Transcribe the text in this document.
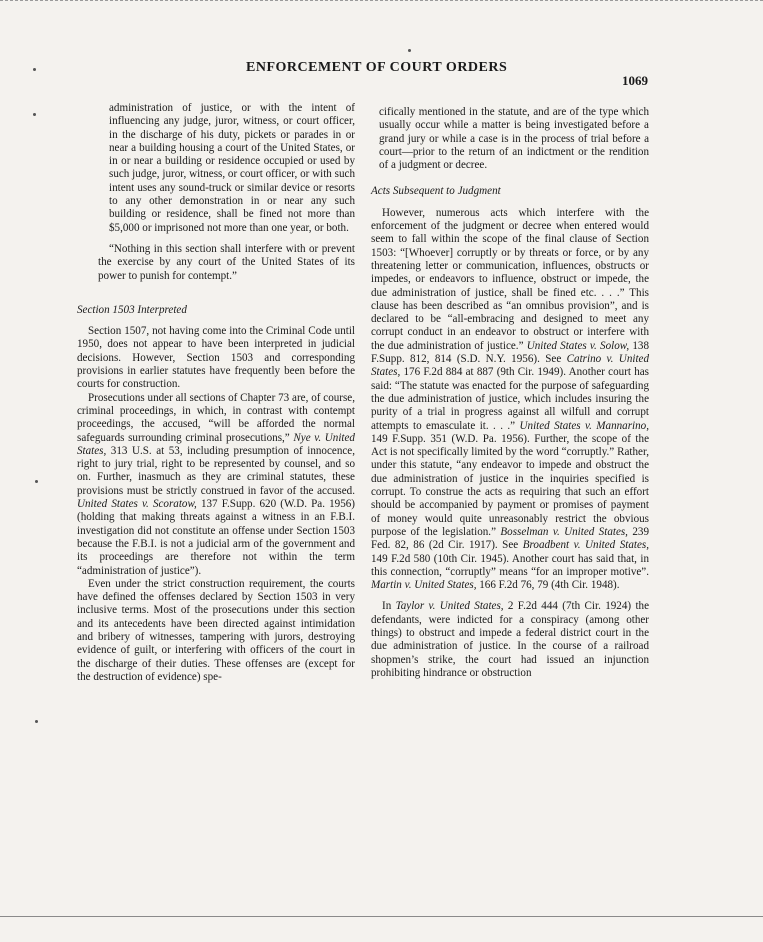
ENFORCEMENT OF COURT ORDERS
1069

administration of justice, or with the intent of influencing any judge, juror, witness, or court officer, in the discharge of his duty, pickets or parades in or near a building housing a court of the United States, or in or near a building or residence occupied or used by such judge, juror, witness, or court officer, or with such intent uses any sound-truck or similar device or resorts to any other demonstration in or near any such building or residence, shall be fined not more than $5,000 or imprisoned not more than one year, or both.

“Nothing in this section shall interfere with or prevent the exercise by any court of the United States of its power to punish for contempt.”

Section 1503 Interpreted

Section 1507, not having come into the Criminal Code until 1950, does not appear to have been interpreted in judicial decisions. However, Section 1503 and corresponding provisions in earlier statutes have frequently been before the courts for construction.

Prosecutions under all sections of Chapter 73 are, of course, criminal proceedings, in which, in contrast with contempt proceedings, the accused, “will be afforded the normal safeguards surrounding criminal prosecutions,” Nye v. United States, 313 U.S. at 53, including presumption of innocence, right to jury trial, right to be represented by counsel, and so on. Further, inasmuch as they are criminal statutes, these provisions must be strictly construed in favor of the accused. United States v. Scoratow, 137 F.Supp. 620 (W.D. Pa. 1956) (holding that making threats against a witness in an F.B.I. investigation did not constitute an offense under Section 1503 because the F.B.I. is not a judicial arm of the government and its proceedings are therefore not within the term “administration of justice”).

Even under the strict construction requirement, the courts have defined the offenses declared by Section 1503 in very inclusive terms. Most of the prosecutions under this section and its antecedents have been directed against intimidation and bribery of witnesses, tampering with jurors, destroying evidence of guilt, or interfering with officers of the court in the discharge of their duties. These offenses are (except for the destruction of evidence) spe-

cifically mentioned in the statute, and are of the type which usually occur while a matter is being investigated before a grand jury or while a case is in the process of trial before a court—prior to the return of an indictment or the rendition of a judgment or decree.

Acts Subsequent to Judgment

However, numerous acts which interfere with the enforcement of the judgment or decree when entered would seem to fall within the scope of the final clause of Section 1503: “[Whoever] corruptly or by threats or force, or by any threatening letter or communication, influences, obstructs or impedes, or endeavors to influence, obstruct or impede, the due administration of justice, shall be fined etc. . . .” This clause has been described as “an omnibus provision”, and is declared to be “all-embracing and designed to meet any corrupt conduct in an endeavor to obstruct or interfere with the due administration of justice.” United States v. Solow, 138 F.Supp. 812, 814 (S.D. N.Y. 1956). See Catrino v. United States, 176 F.2d 884 at 887 (9th Cir. 1949). Another court has said: “The statute was enacted for the purpose of safeguarding the due administration of justice, which includes insuring the purity of a trial in progress against all wilfull and corrupt attempts to emasculate it. . . .” United States v. Mannarino, 149 F.Supp. 351 (W.D. Pa. 1956). Further, the scope of the Act is not specifically limited by the word “corruptly.” Rather, under this statute, “any endeavor to impede and obstruct the due administration of justice in the inquiries specified is corrupt. To construe the acts as requiring that such an effort should be accompanied by payment or promises of payment of money would quite unreasonably restrict the obvious purpose of the legislation.” Bosselman v. United States, 239 Fed. 82, 86 (2d Cir. 1917). See Broadbent v. United States, 149 F.2d 580 (10th Cir. 1945). Another court has said that, in this connection, “corruptly” means “for an improper motive”. Martin v. United States, 166 F.2d 76, 79 (4th Cir. 1948).

In Taylor v. United States, 2 F.2d 444 (7th Cir. 1924) the defendants, were indicted for a conspiracy (among other things) to obstruct and impede a federal district court in the due administration of justice. In the course of a railroad shopmen’s strike, the court had issued an injunction prohibiting hindrance or obstruction
